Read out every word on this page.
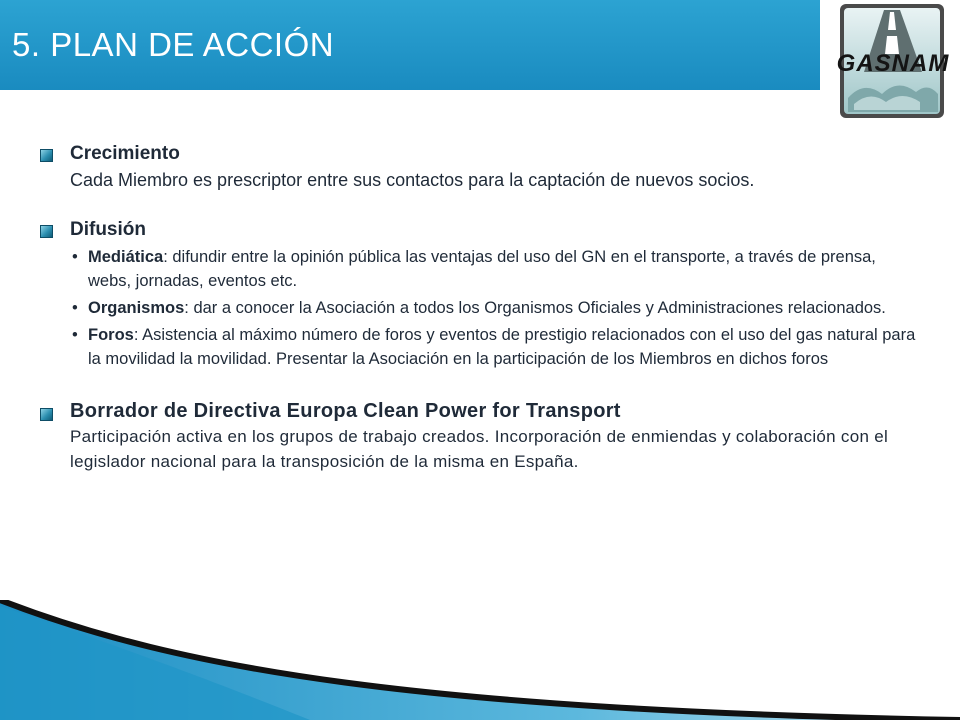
5. PLAN DE ACCIÓN
GASNAM
Crecimiento
Cada Miembro es prescriptor entre sus contactos para la captación de nuevos socios.
Difusión
• Mediática: difundir entre la opinión pública las ventajas del uso del GN en el transporte, a través de prensa, webs, jornadas, eventos etc.
• Organismos: dar a conocer la Asociación a todos los Organismos Oficiales y Administraciones relacionados.
• Foros: Asistencia al máximo número de foros y eventos de prestigio relacionados con el uso del gas natural para la movilidad la movilidad. Presentar la Asociación en la participación de los Miembros en dichos foros
Borrador de Directiva Europa Clean Power for Transport
Participación activa en los grupos de trabajo creados. Incorporación de enmiendas y colaboración con el legislador nacional para la transposición de la misma en España.
